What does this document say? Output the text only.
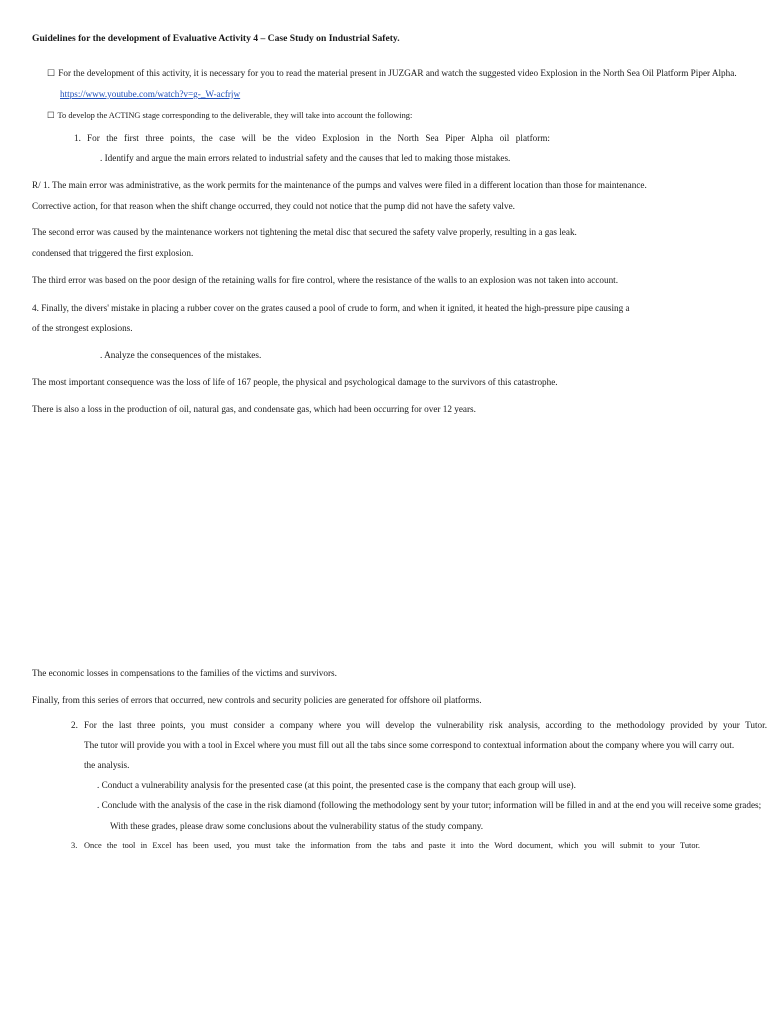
Guidelines for the development of Evaluative Activity 4 – Case Study on Industrial Safety.
☐ For the development of this activity, it is necessary for you to read the material present in JUZGAR and watch the suggested video Explosion in the North Sea Oil Platform Piper Alpha.
https://www.youtube.com/watch?v=g-_W-acfrjw
☐ To develop the ACTING stage corresponding to the deliverable, they will take into account the following:
1. For the first three points, the case will be the video Explosion in the North Sea Piper Alpha oil platform:
. Identify and argue the main errors related to industrial safety and the causes that led to making those mistakes.
R/ 1. The main error was administrative, as the work permits for the maintenance of the pumps and valves were filed in a different location than those for maintenance.
Corrective action, for that reason when the shift change occurred, they could not notice that the pump did not have the safety valve.
The second error was caused by the maintenance workers not tightening the metal disc that secured the safety valve properly, resulting in a gas leak.
condensed that triggered the first explosion.
The third error was based on the poor design of the retaining walls for fire control, where the resistance of the walls to an explosion was not taken into account.
4. Finally, the divers' mistake in placing a rubber cover on the grates caused a pool of crude to form, and when it ignited, it heated the high-pressure pipe causing a
of the strongest explosions.
. Analyze the consequences of the mistakes.
The most important consequence was the loss of life of 167 people, the physical and psychological damage to the survivors of this catastrophe.
There is also a loss in the production of oil, natural gas, and condensate gas, which had been occurring for over 12 years.
The economic losses in compensations to the families of the victims and survivors.
Finally, from this series of errors that occurred, new controls and security policies are generated for offshore oil platforms.
2. For the last three points, you must consider a company where you will develop the vulnerability risk analysis, according to the methodology provided by your Tutor.
The tutor will provide you with a tool in Excel where you must fill out all the tabs since some correspond to contextual information about the company where you will carry out.
the analysis.
. Conduct a vulnerability analysis for the presented case (at this point, the presented case is the company that each group will use).
. Conclude with the analysis of the case in the risk diamond (following the methodology sent by your tutor; information will be filled in and at the end you will receive some grades;
With these grades, please draw some conclusions about the vulnerability status of the study company.
3. Once the tool in Excel has been used, you must take the information from the tabs and paste it into the Word document, which you will submit to your Tutor.
